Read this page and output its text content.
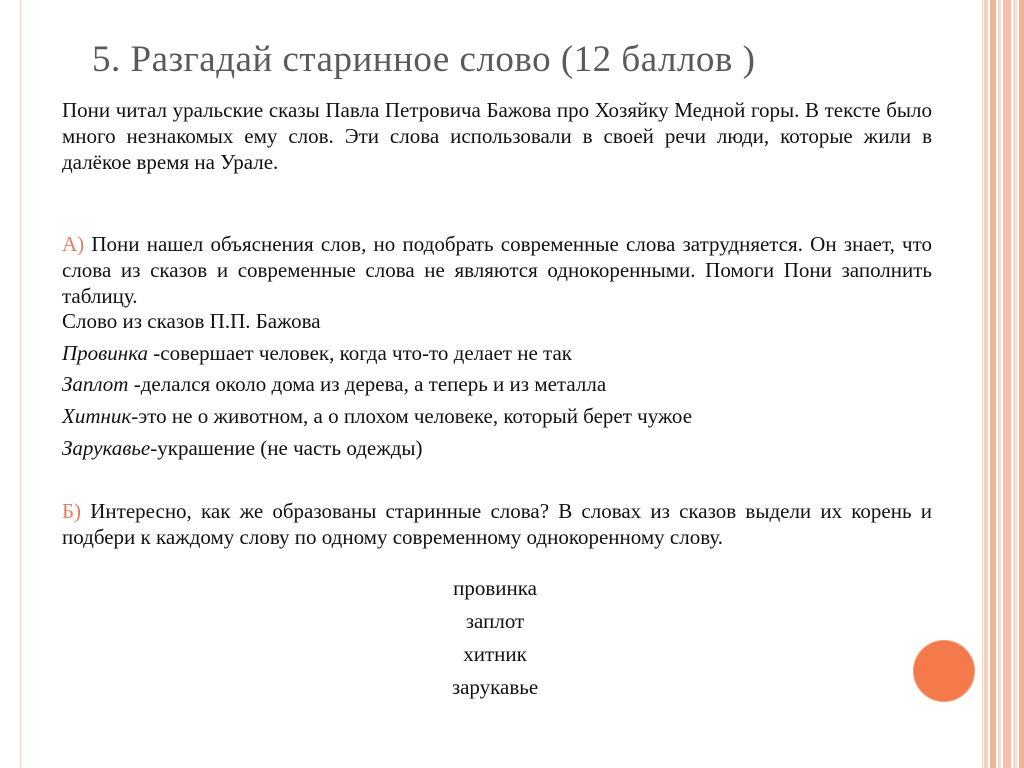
5. Разгадай старинное слово (12 баллов )

Пони читал уральские сказы Павла Петровича Бажова про Хозяйку Медной горы. В тексте было много незнакомых ему слов. Эти слова использовали в своей речи люди, которые жили в далёкое время на Урале.

А) Пони нашел объяснения слов, но подобрать современные слова затрудняется. Он знает, что слова из сказов и современные слова не являются однокоренными. Помоги Пони заполнить таблицу.

Слово из сказов П.П. Бажова
Провинка -совершает человек, когда что-то делает не так
Заплот -делался около дома из дерева, а теперь и из металла
Хитник-это не о животном, а о плохом человеке, который берет чужое
Зарукавье-украшение (не часть одежды)

Б) Интересно, как же образованы старинные слова? В словах из сказов выдели их корень и подбери к каждому слову по одному современному однокоренному слову.

провинка
заплот
хитник
зарукавье
